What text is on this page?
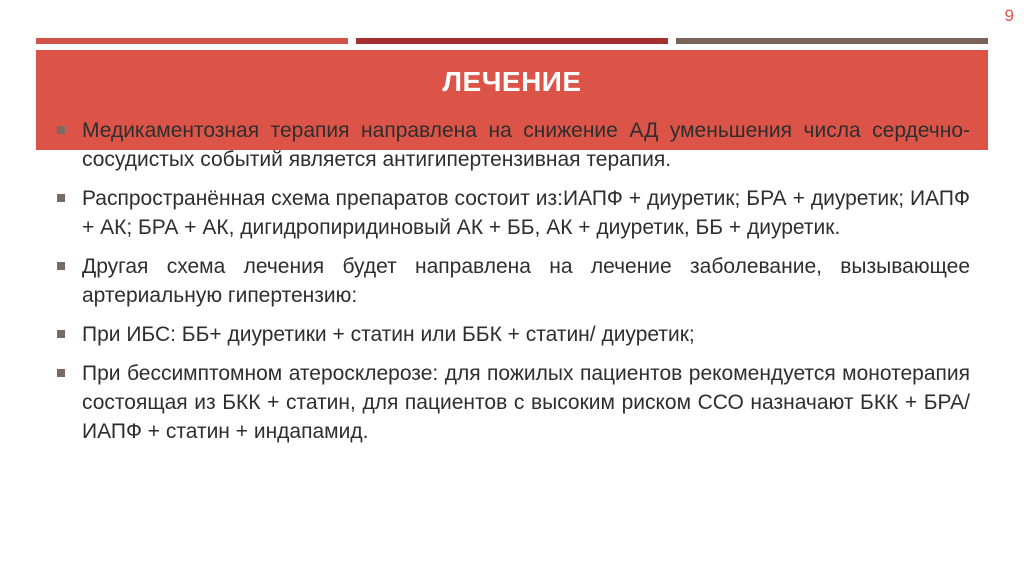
9
ЛЕЧЕНИЕ
Медикаментозная терапия направлена на снижение АД уменьшения числа сердечно-сосудистых событий является антигипертензивная терапия.
Распространённая схема препаратов состоит из:ИАПФ + диуретик; БРА + диуретик; ИАПФ + АК; БРА + АК, дигидропиридиновый АК + ББ, АК + диуретик, ББ + диуретик.
Другая схема лечения будет направлена на лечение заболевание, вызывающее артериальную гипертензию:
При ИБС: ББ+ диуретики + статин или ББК + статин/ диуретик;
При бессимптомном атеросклерозе: для пожилых пациентов рекомендуется монотерапия состоящая из БКК + статин, для пациентов с высоким риском ССО назначают БКК + БРА/ИАПФ + статин + индапамид.
